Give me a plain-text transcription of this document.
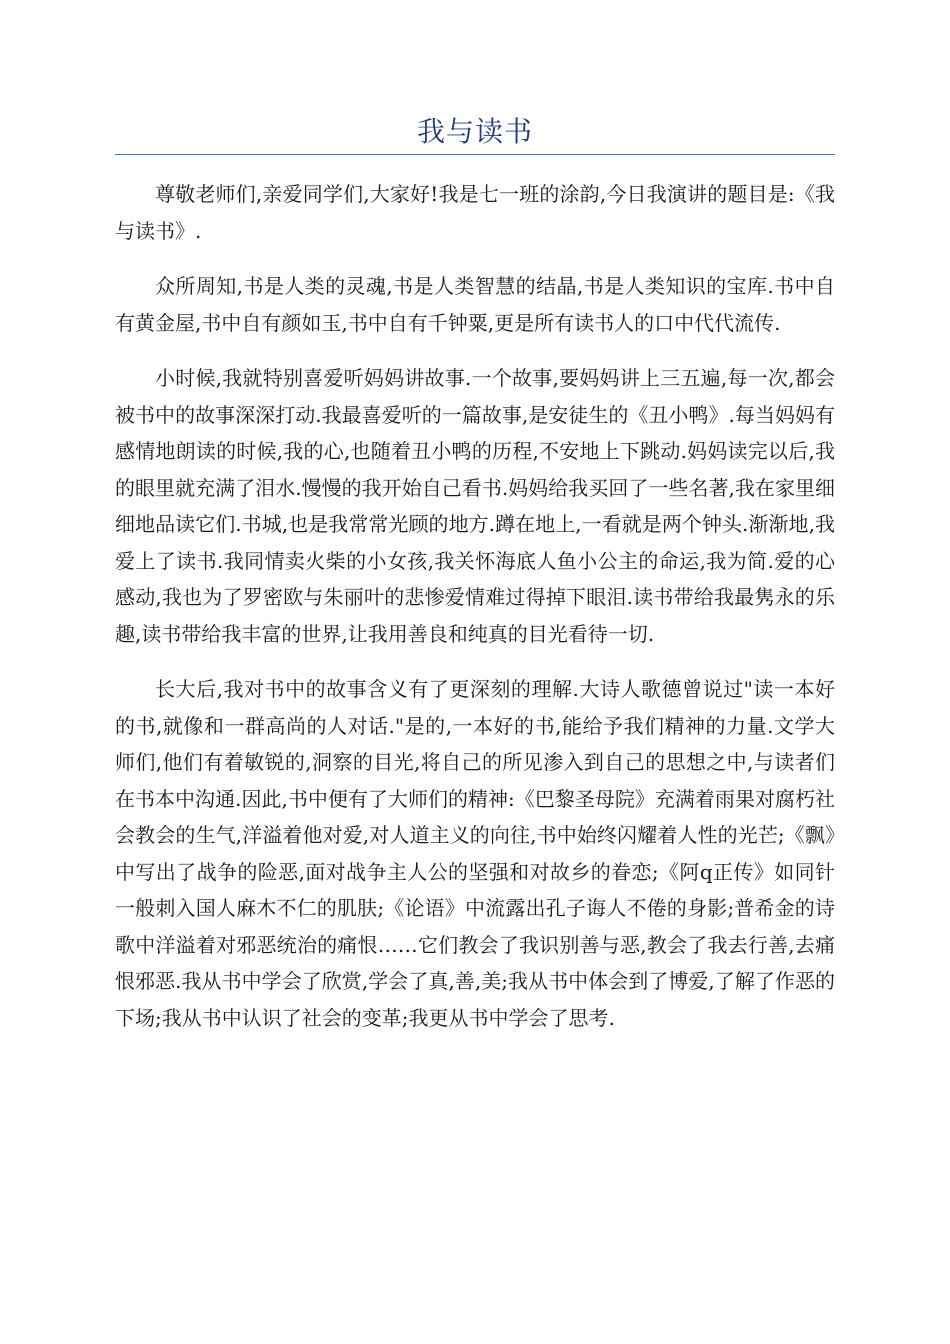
我与读书

尊敬老师们,亲爱同学们,大家好!我是七一班的涂韵,今日我演讲的题目是:《我与读书》.

众所周知,书是人类的灵魂,书是人类智慧的结晶,书是人类知识的宝库.书中自有黄金屋,书中自有颜如玉,书中自有千钟粟,更是所有读书人的口中代代流传.

小时候,我就特别喜爱听妈妈讲故事.一个故事,要妈妈讲上三五遍,每一次,都会被书中的故事深深打动.我最喜爱听的一篇故事,是安徒生的《丑小鸭》.每当妈妈有感情地朗读的时候,我的心,也随着丑小鸭的历程,不安地上下跳动.妈妈读完以后,我的眼里就充满了泪水.慢慢的我开始自己看书.妈妈给我买回了一些名著,我在家里细细地品读它们.书城,也是我常常光顾的地方.蹲在地上,一看就是两个钟头.渐渐地,我爱上了读书.我同情卖火柴的小女孩,我关怀海底人鱼小公主的命运,我为简.爱的心感动,我也为了罗密欧与朱丽叶的悲惨爱情难过得掉下眼泪.读书带给我最隽永的乐趣,读书带给我丰富的世界,让我用善良和纯真的目光看待一切.

长大后,我对书中的故事含义有了更深刻的理解.大诗人歌德曾说过"读一本好的书,就像和一群高尚的人对话."是的,一本好的书,能给予我们精神的力量.文学大师们,他们有着敏锐的,洞察的目光,将自己的所见渗入到自己的思想之中,与读者们在书本中沟通.因此,书中便有了大师们的精神:《巴黎圣母院》充满着雨果对腐朽社会教会的生气,洋溢着他对爱,对人道主义的向往,书中始终闪耀着人性的光芒;《飘》中写出了战争的险恶,面对战争主人公的坚强和对故乡的眷恋;《阿q正传》如同针一般刺入国人麻木不仁的肌肤;《论语》中流露出孔子诲人不倦的身影;普希金的诗歌中洋溢着对邪恶统治的痛恨……它们教会了我识别善与恶,教会了我去行善,去痛恨邪恶.我从书中学会了欣赏,学会了真,善,美;我从书中体会到了博爱,了解了作恶的下场;我从书中认识了社会的变革;我更从书中学会了思考.
